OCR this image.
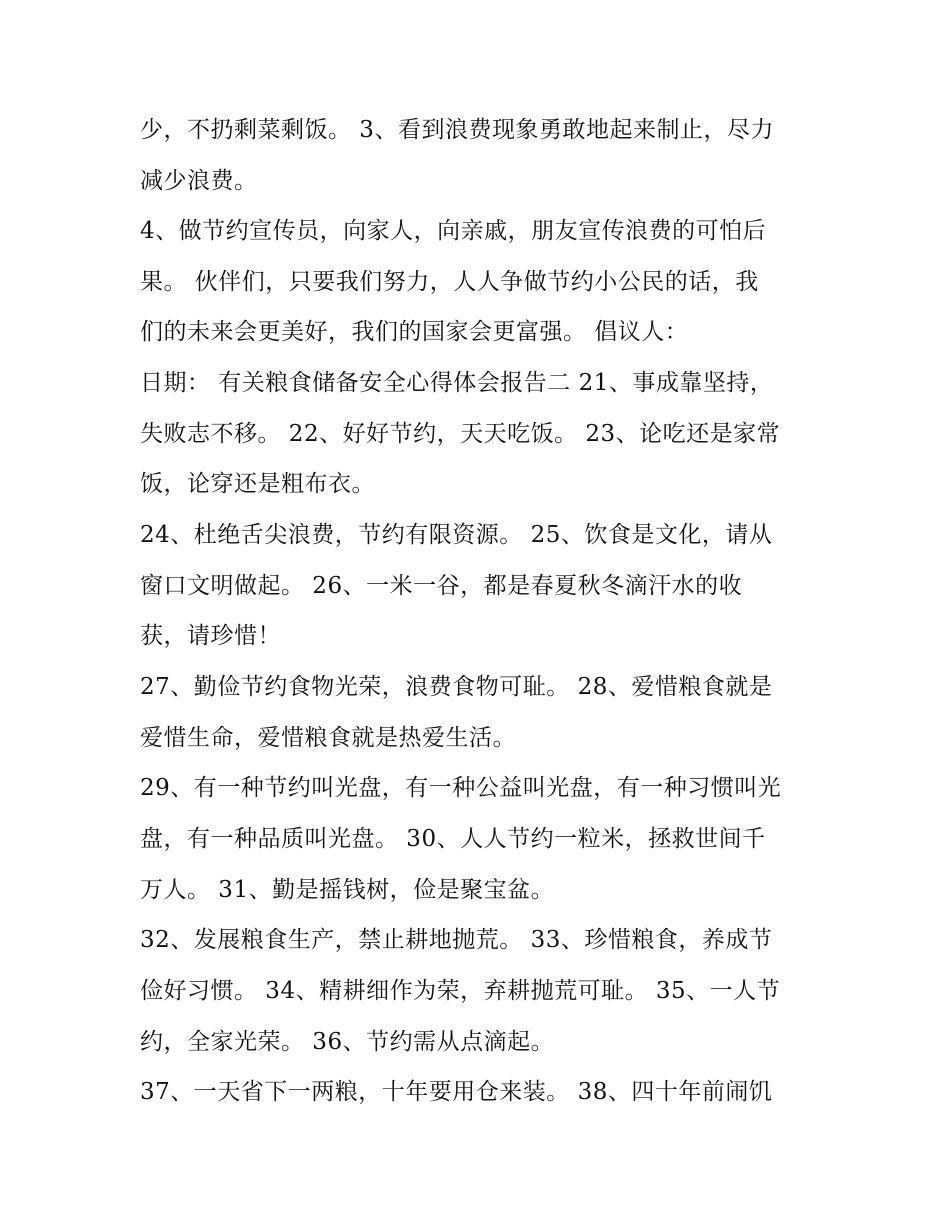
少，不扔剩菜剩饭。 3、看到浪费现象勇敢地起来制止，尽力
减少浪费。
4、做节约宣传员，向家人，向亲戚，朋友宣传浪费的可怕后
果。 伙伴们，只要我们努力，人人争做节约小公民的话，我
们的未来会更美好，我们的国家会更富强。 倡议人：
日期： 有关粮食储备安全心得体会报告二 21、事成靠坚持，
失败志不移。 22、好好节约，天天吃饭。 23、论吃还是家常
饭，论穿还是粗布衣。
24、杜绝舌尖浪费，节约有限资源。 25、饮食是文化，请从
窗口文明做起。 26、一米一谷，都是春夏秋冬滴汗水的收
获，请珍惜！
27、勤俭节约食物光荣，浪费食物可耻。 28、爱惜粮食就是
爱惜生命，爱惜粮食就是热爱生活。
29、有一种节约叫光盘，有一种公益叫光盘，有一种习惯叫光
盘，有一种品质叫光盘。 30、人人节约一粒米，拯救世间千
万人。 31、勤是摇钱树，俭是聚宝盆。
32、发展粮食生产，禁止耕地抛荒。 33、珍惜粮食，养成节
俭好习惯。 34、精耕细作为荣，弃耕抛荒可耻。 35、一人节
约，全家光荣。 36、节约需从点滴起。
37、一天省下一两粮，十年要用仓来装。 38、四十年前闹饥
